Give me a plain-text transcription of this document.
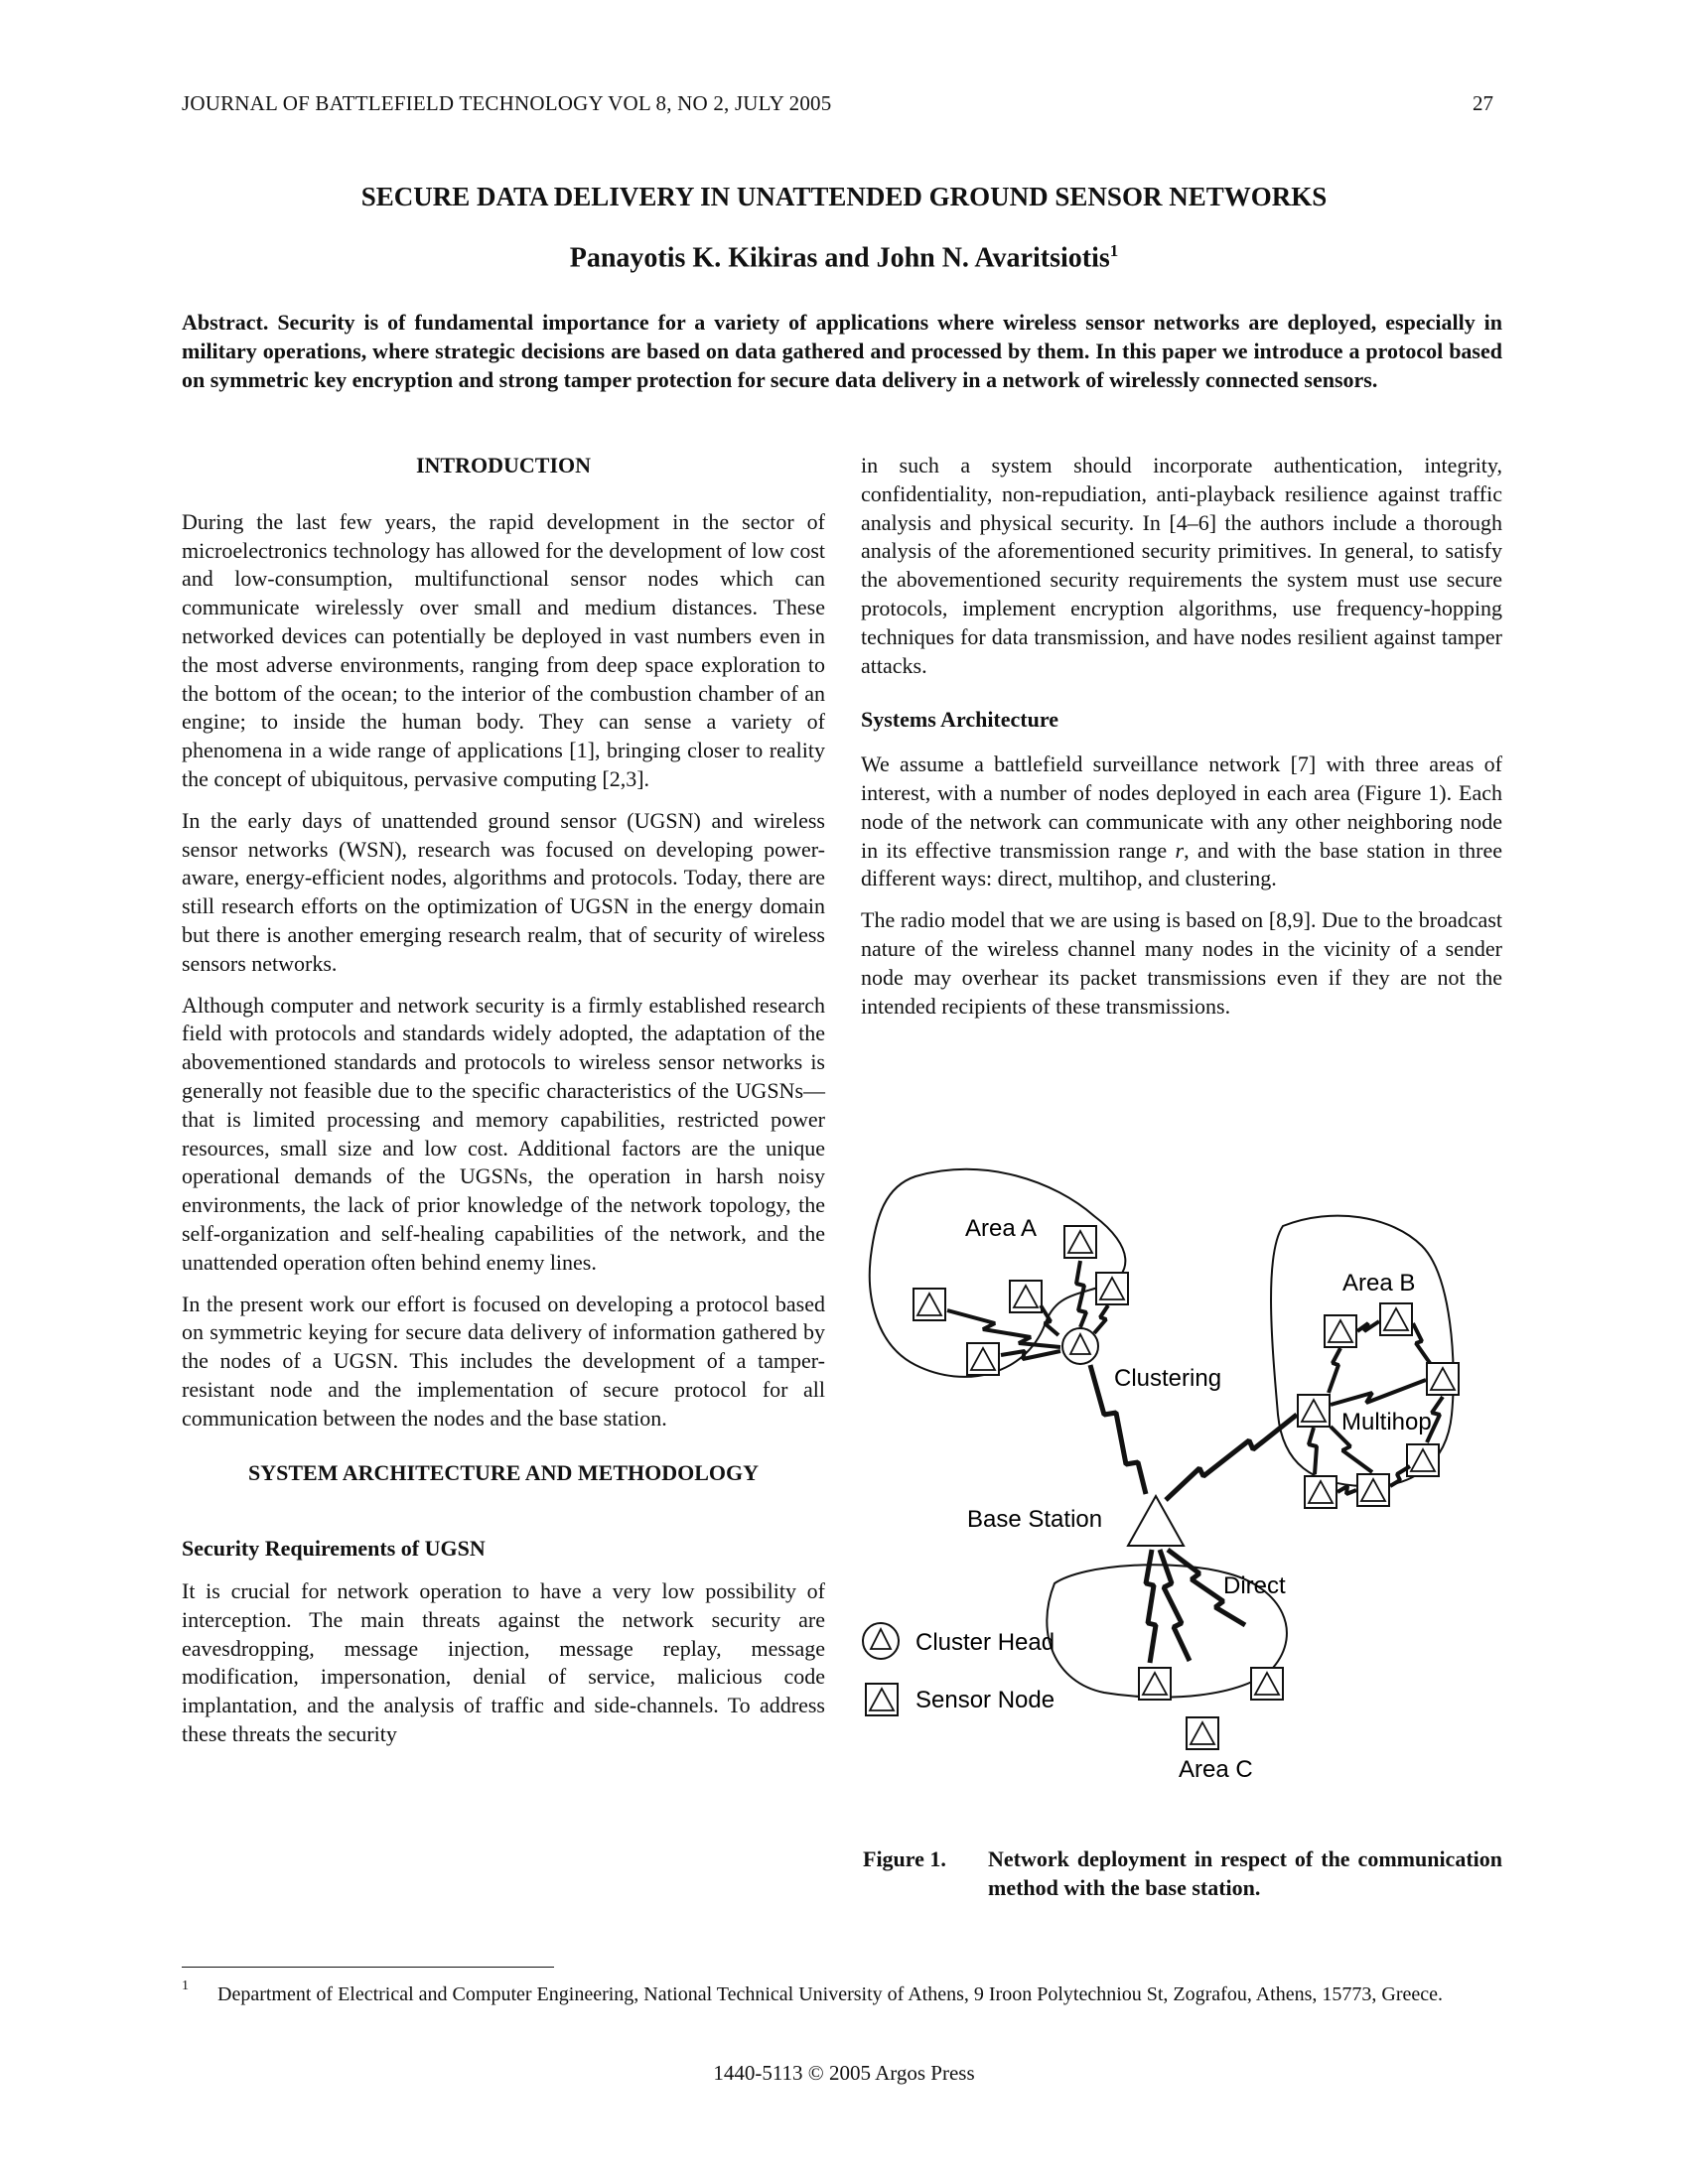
JOURNAL OF BATTLEFIELD TECHNOLOGY VOL 8, NO 2, JULY 2005	27
SECURE DATA DELIVERY IN UNATTENDED GROUND SENSOR NETWORKS
Panayotis K. Kikiras and John N. Avaritsiotis$^1$
Abstract. Security is of fundamental importance for a variety of applications where wireless sensor networks are deployed, especially in military operations, where strategic decisions are based on data gathered and processed by them. In this paper we introduce a protocol based on symmetric key encryption and strong tamper protection for secure data delivery in a network of wirelessly connected sensors.

INTRODUCTION

During the last few years, the rapid development in the sector of microelectronics technology has allowed for the development of low cost and low-consumption, multifunctional sensor nodes which can communicate wirelessly over small and medium distances. These networked devices can potentially be deployed in vast numbers even in the most adverse environments, ranging from deep space exploration to the bottom of the ocean; to the interior of the combustion chamber of an engine; to inside the human body. They can sense a variety of phenomena in a wide range of applications [1], bringing closer to reality the concept of ubiquitous, pervasive computing [2,3].

In the early days of unattended ground sensor (UGSN) and wireless sensor networks (WSN), research was focused on developing power-aware, energy-efficient nodes, algorithms and protocols. Today, there are still research efforts on the optimization of UGSN in the energy domain but there is another emerging research realm, that of security of wireless sensors networks.

Although computer and network security is a firmly established research field with protocols and standards widely adopted, the adaptation of the abovementioned standards and protocols to wireless sensor networks is generally not feasible due to the specific characteristics of the UGSNs—that is limited processing and memory capabilities, restricted power resources, small size and low cost. Additional factors are the unique operational demands of the UGSNs, the operation in harsh noisy environments, the lack of prior knowledge of the network topology, the self-organization and self-healing capabilities of the network, and the unattended operation often behind enemy lines.

In the present work our effort is focused on developing a protocol based on symmetric keying for secure data delivery of information gathered by the nodes of a UGSN. This includes the development of a tamper-resistant node and the implementation of secure protocol for all communication between the nodes and the base station.

SYSTEM ARCHITECTURE AND METHODOLOGY

Security Requirements of UGSN

It is crucial for network operation to have a very low possibility of interception. The main threats against the network security are eavesdropping, message injection, message replay, message modification, impersonation, denial of service, malicious code implantation, and the analysis of traffic and side-channels. To address these threats the security

in such a system should incorporate authentication, integrity, confidentiality, non-repudiation, anti-playback resilience against traffic analysis and physical security. In [4–6] the authors include a thorough analysis of the aforementioned security primitives. In general, to satisfy the abovementioned security requirements the system must use secure protocols, implement encryption algorithms, use frequency-hopping techniques for data transmission, and have nodes resilient against tamper attacks.

Systems Architecture

We assume a battlefield surveillance network [7] with three areas of interest, with a number of nodes deployed in each area (Figure 1). Each node of the network can communicate with any other neighboring node in its effective transmission range r, and with the base station in three different ways: direct, multihop, and clustering.

The radio model that we are using is based on [8,9]. Due to the broadcast nature of the wireless channel many nodes in the vicinity of a sender node may overhear its packet transmissions even if they are not the intended recipients of these transmissions.

Area A
Area B
Area C
Clustering
Multihop
Base Station
Direct
Cluster Head
Sensor Node
Figure 1. Network deployment in respect of the communication method with the base station.
1 Department of Electrical and Computer Engineering, National Technical University of Athens, 9 Iroon Polytechniou St, Zografou, Athens, 15773, Greece.
1440-5113 © 2005 Argos Press
